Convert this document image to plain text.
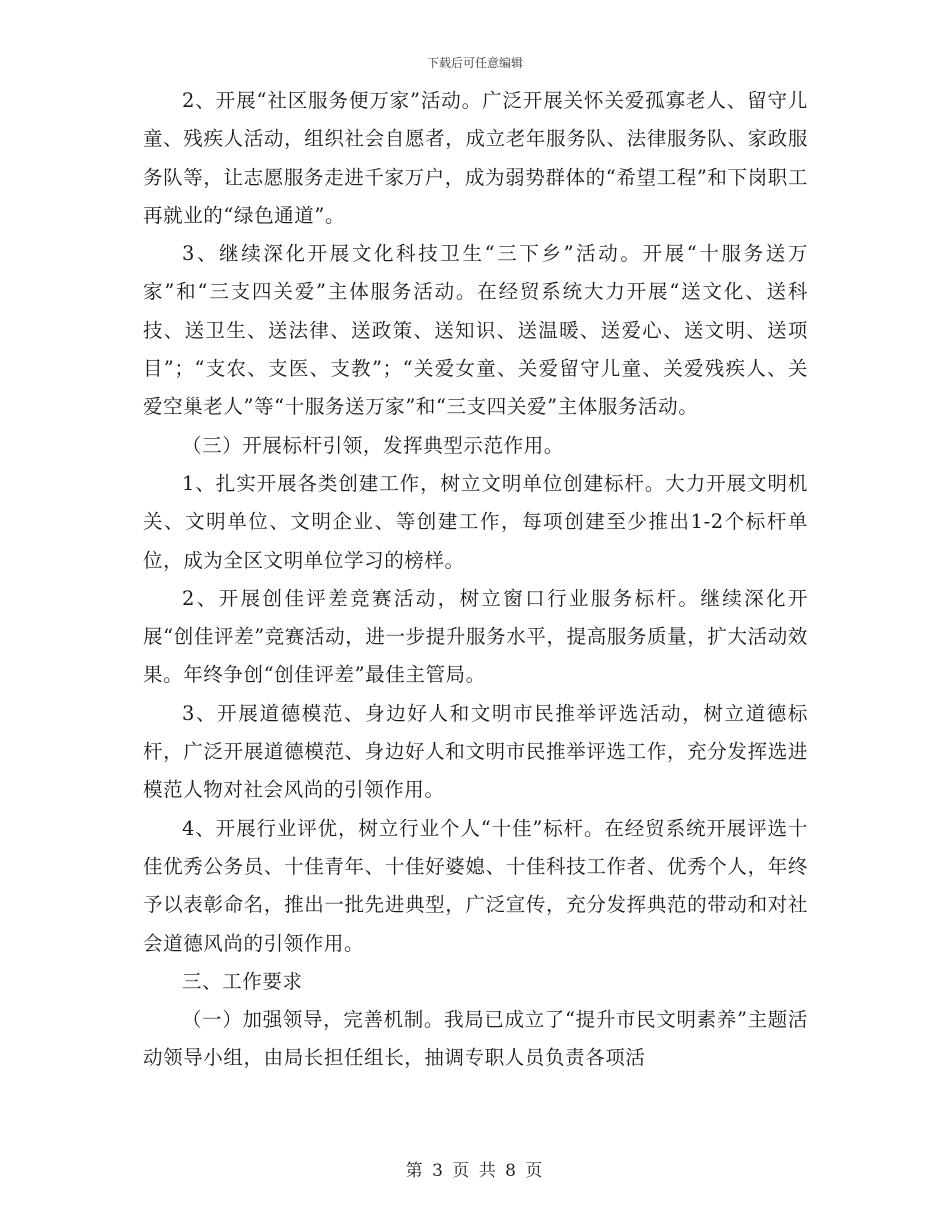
下载后可任意编辑

2、开展“社区服务便万家”活动。广泛开展关怀关爱孤寡老人、留守儿童、残疾人活动，组织社会自愿者，成立老年服务队、法律服务队、家政服务队等，让志愿服务走进千家万户，成为弱势群体的“希望工程”和下岗职工再就业的“绿色通道”。

3、继续深化开展文化科技卫生“三下乡”活动。开展“十服务送万家”和“三支四关爱”主体服务活动。在经贸系统大力开展“送文化、送科技、送卫生、送法律、送政策、送知识、送温暖、送爱心、送文明、送项目”；“支农、支医、支教”；“关爱女童、关爱留守儿童、关爱残疾人、关爱空巢老人”等“十服务送万家”和“三支四关爱”主体服务活动。

（三）开展标杆引领，发挥典型示范作用。

1、扎实开展各类创建工作，树立文明单位创建标杆。大力开展文明机关、文明单位、文明企业、等创建工作，每项创建至少推出1-2个标杆单位，成为全区文明单位学习的榜样。

2、开展创佳评差竞赛活动，树立窗口行业服务标杆。继续深化开展“创佳评差”竞赛活动，进一步提升服务水平，提高服务质量，扩大活动效果。年终争创“创佳评差”最佳主管局。

3、开展道德模范、身边好人和文明市民推举评选活动，树立道德标杆，广泛开展道德模范、身边好人和文明市民推举评选工作，充分发挥选进模范人物对社会风尚的引领作用。

4、开展行业评优，树立行业个人“十佳”标杆。在经贸系统开展评选十佳优秀公务员、十佳青年、十佳好婆媳、十佳科技工作者、优秀个人，年终予以表彰命名，推出一批先进典型，广泛宣传，充分发挥典范的带动和对社会道德风尚的引领作用。

三、工作要求

（一）加强领导，完善机制。我局已成立了“提升市民文明素养”主题活动领导小组，由局长担任组长，抽调专职人员负责各项活

第 3 页 共 8 页
